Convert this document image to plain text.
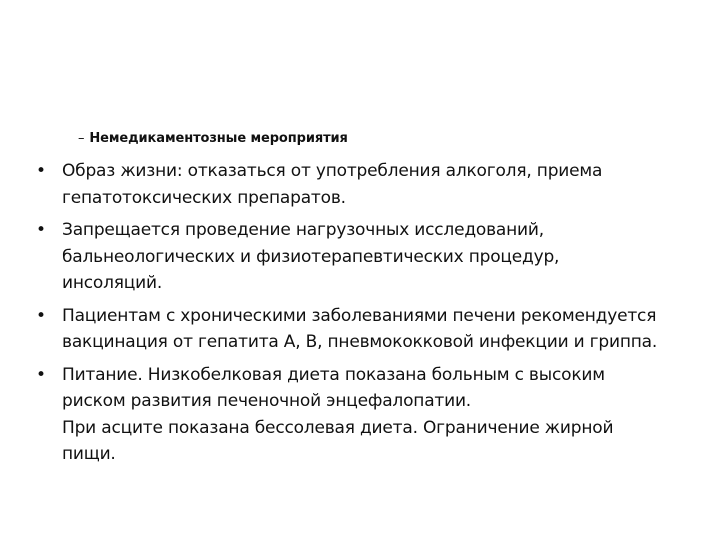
– Немедикаментозные мероприятия
• Образ жизни: отказаться от употребления алкоголя, приема
гепатотоксических препаратов.
• Запрещается проведение нагрузочных исследований,
бальнеологических и физиотерапевтических процедур,
инсоляций.
• Пациентам с хроническими заболеваниями печени рекомендуется
вакцинация от гепатита А, В, пневмококковой инфекции и гриппа.
• Питание. Низкобелковая диета показана больным с высоким
риском развития печеночной энцефалопатии.
При асците показана бессолевая диета. Ограничение жирной
пищи.
